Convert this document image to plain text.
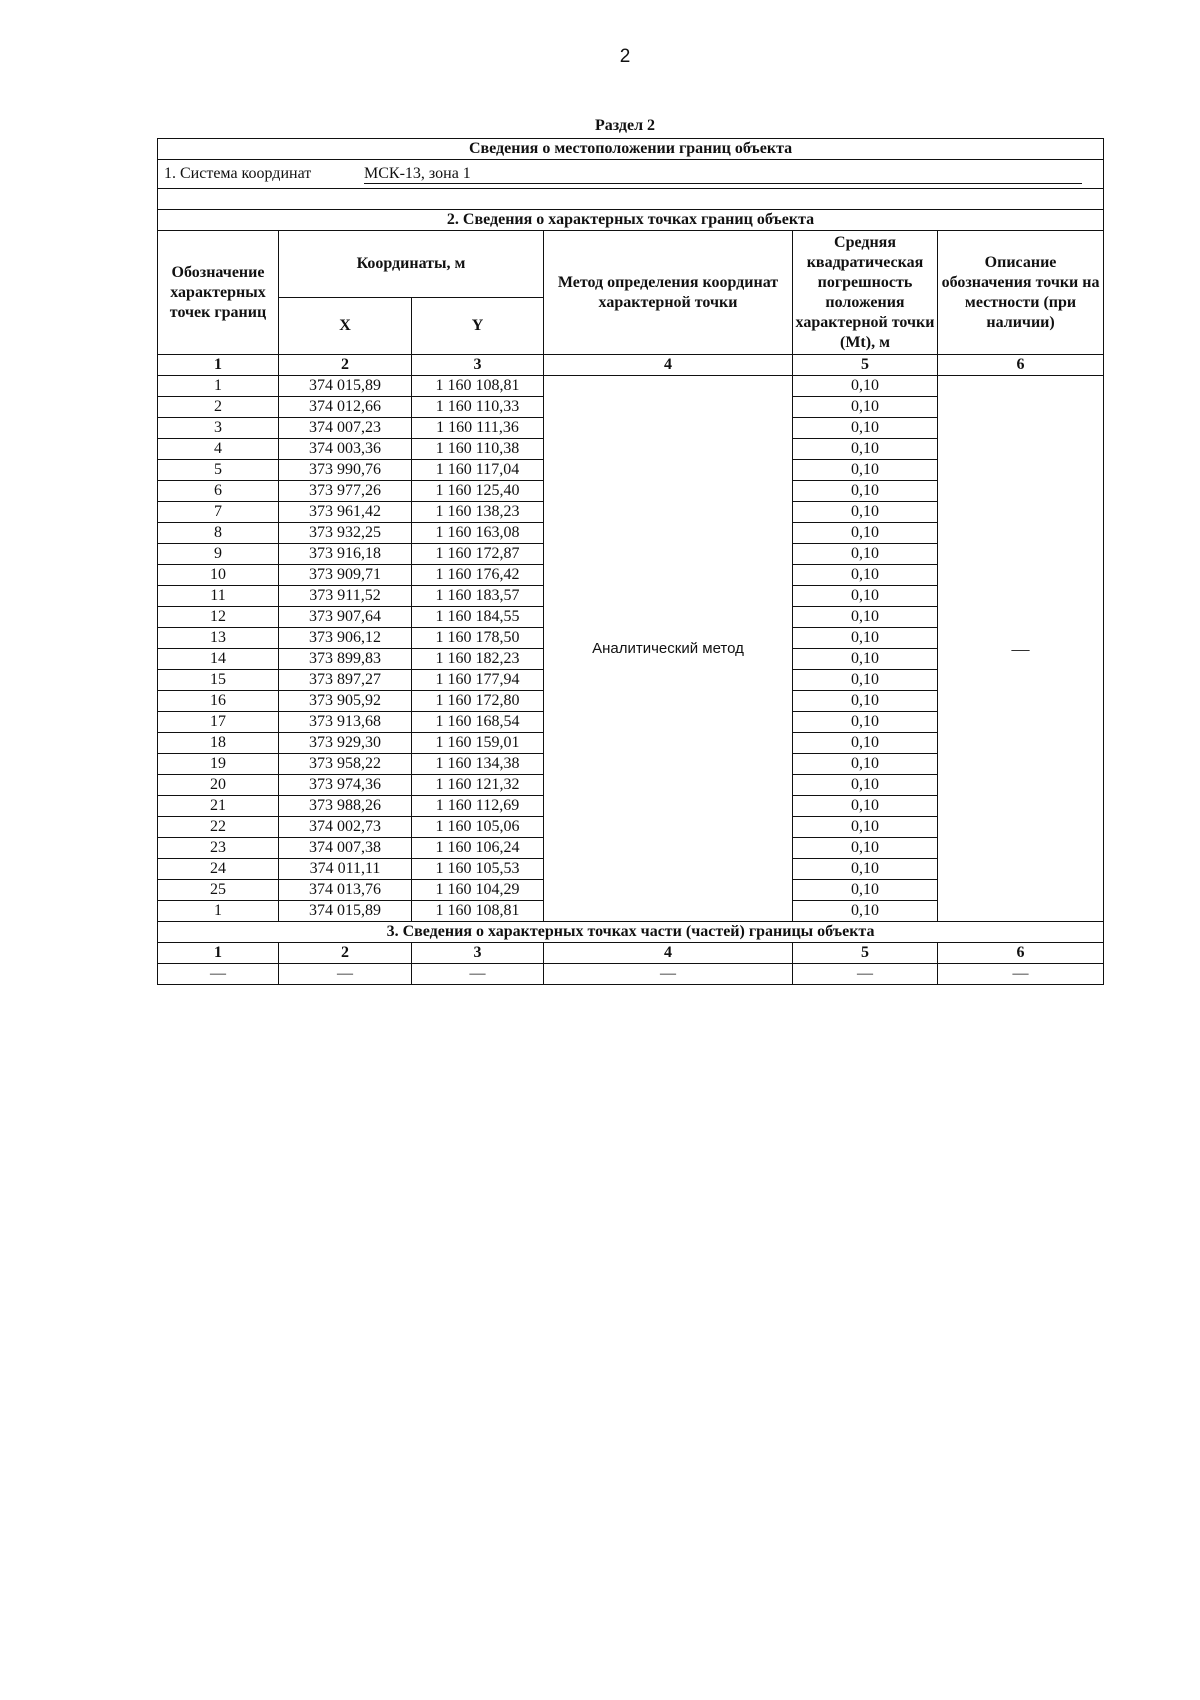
2
Раздел 2
Сведения о местоположении границ объекта					
1. Система координат МСК-13, зона 1					

2. Сведения о характерных точках границ объекта					
Обозначение характерных точек границ	Координаты, м		Метод определения координат характерной точки	Средняя квадратическая погрешность положения характерной точки (Mt), м	Описание обозначения точки на местности (при наличии)
	X	Y			
1	2	3	4	5	6
1	374 015,89	1 160 108,81	Аналитический метод	0,10	—
2	374 012,66	1 160 110,33		0,10	
3	374 007,23	1 160 111,36		0,10	
4	374 003,36	1 160 110,38		0,10	
5	373 990,76	1 160 117,04		0,10	
6	373 977,26	1 160 125,40		0,10	
7	373 961,42	1 160 138,23		0,10	
8	373 932,25	1 160 163,08		0,10	
9	373 916,18	1 160 172,87		0,10	
10	373 909,71	1 160 176,42		0,10	
11	373 911,52	1 160 183,57		0,10	
12	373 907,64	1 160 184,55		0,10	
13	373 906,12	1 160 178,50		0,10	
14	373 899,83	1 160 182,23		0,10	
15	373 897,27	1 160 177,94		0,10	
16	373 905,92	1 160 172,80		0,10	
17	373 913,68	1 160 168,54		0,10	
18	373 929,30	1 160 159,01		0,10	
19	373 958,22	1 160 134,38		0,10	
20	373 974,36	1 160 121,32		0,10	
21	373 988,26	1 160 112,69		0,10	
22	374 002,73	1 160 105,06		0,10	
23	374 007,38	1 160 106,24		0,10	
24	374 011,11	1 160 105,53		0,10	
25	374 013,76	1 160 104,29		0,10	
1	374 015,89	1 160 108,81		0,10	
3. Сведения о характерных точках части (частей) границы объекта					
1	2	3	4	5	6
—	—	—	—	—	—
